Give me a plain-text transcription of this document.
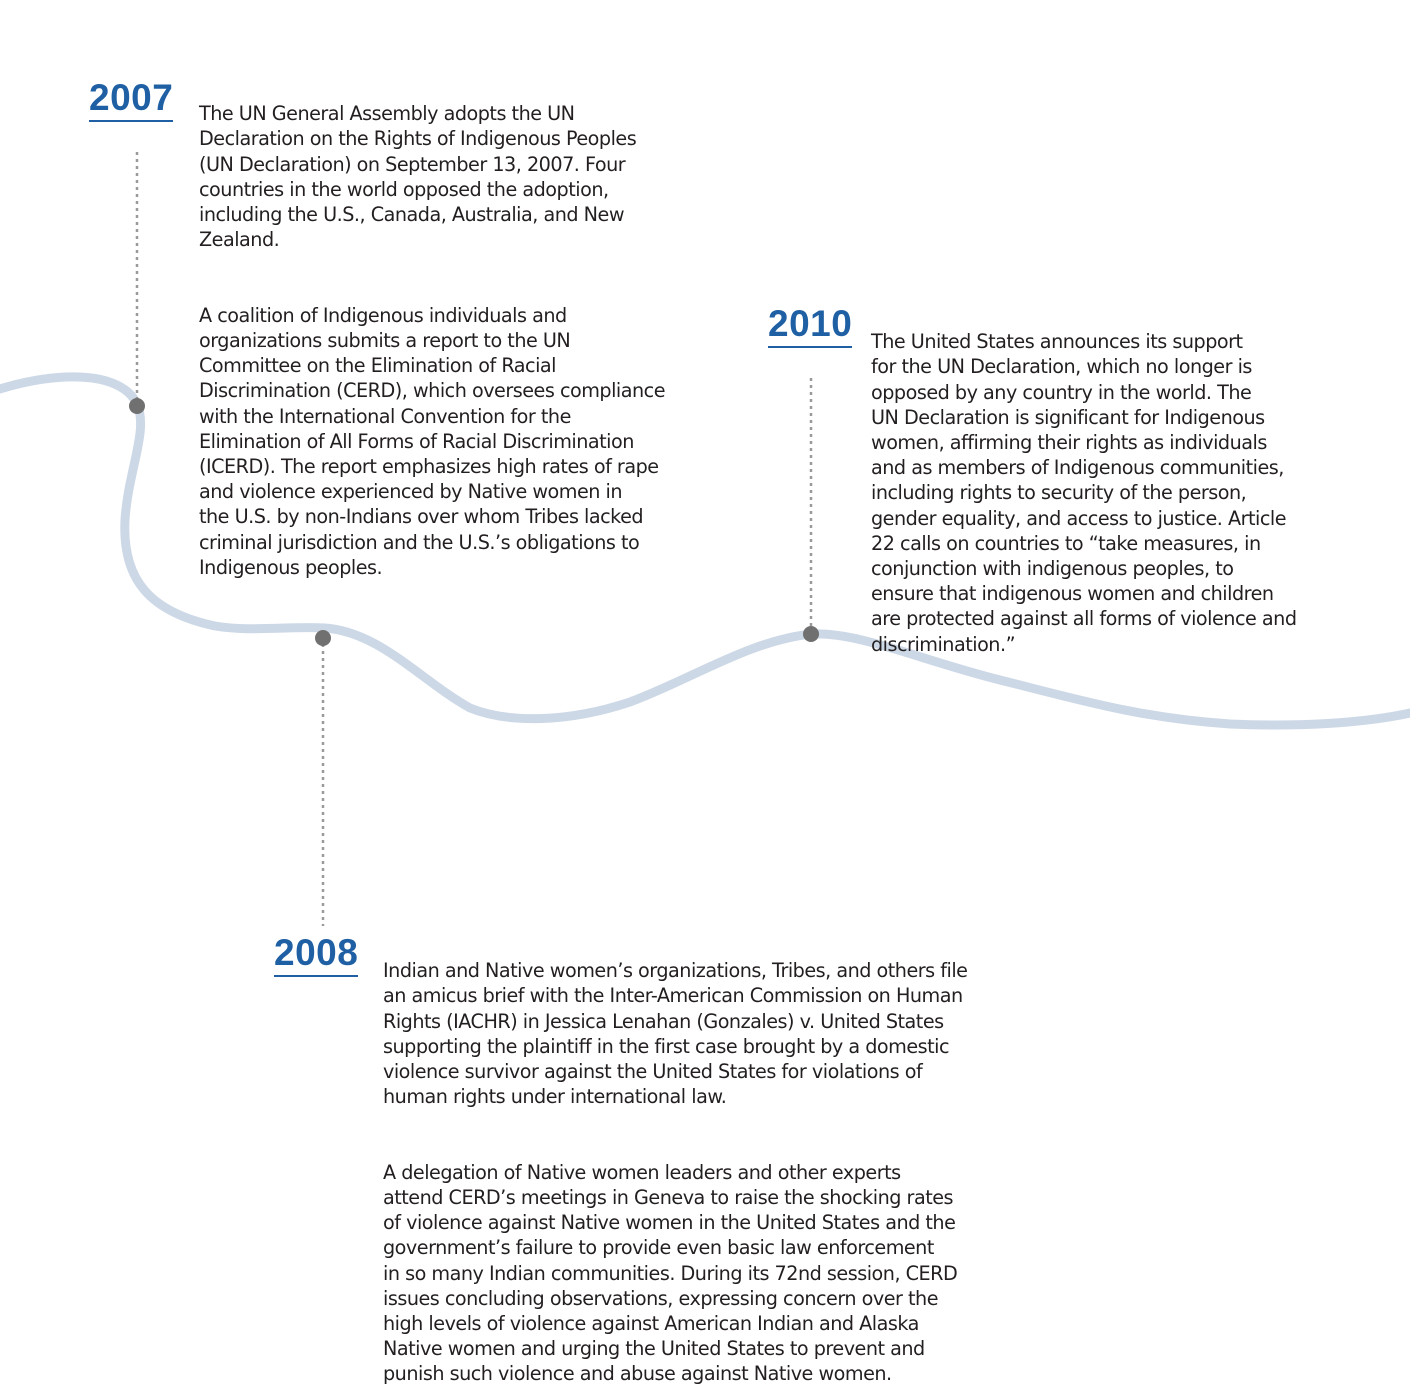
2007 The UN General Assembly adopts the UN
Declaration on the Rights of Indigenous Peoples
(UN Declaration) on September 13, 2007. Four
countries in the world opposed the adoption,
including the U.S., Canada, Australia, and New
Zealand.

A coalition of Indigenous individuals and
organizations submits a report to the UN
Committee on the Elimination of Racial
Discrimination (CERD), which oversees compliance
with the International Convention for the
Elimination of All Forms of Racial Discrimination
(ICERD). The report emphasizes high rates of rape
and violence experienced by Native women in
the U.S. by non-Indians over whom Tribes lacked
criminal jurisdiction and the U.S.’s obligations to
Indigenous peoples.

2010 The United States announces its support
for the UN Declaration, which no longer is
opposed by any country in the world. The
UN Declaration is significant for Indigenous
women, affirming their rights as individuals
and as members of Indigenous communities,
including rights to security of the person,
gender equality, and access to justice. Article
22 calls on countries to “take measures, in
conjunction with indigenous peoples, to
ensure that indigenous women and children
are protected against all forms of violence and
discrimination.”

2008 Indian and Native women’s organizations, Tribes, and others file
an amicus brief with the Inter-American Commission on Human
Rights (IACHR) in Jessica Lenahan (Gonzales) v. United States
supporting the plaintiff in the first case brought by a domestic
violence survivor against the United States for violations of
human rights under international law.

A delegation of Native women leaders and other experts
attend CERD’s meetings in Geneva to raise the shocking rates
of violence against Native women in the United States and the
government’s failure to provide even basic law enforcement
in so many Indian communities. During its 72nd session, CERD
issues concluding observations, expressing concern over the
high levels of violence against American Indian and Alaska
Native women and urging the United States to prevent and
punish such violence and abuse against Native women.
